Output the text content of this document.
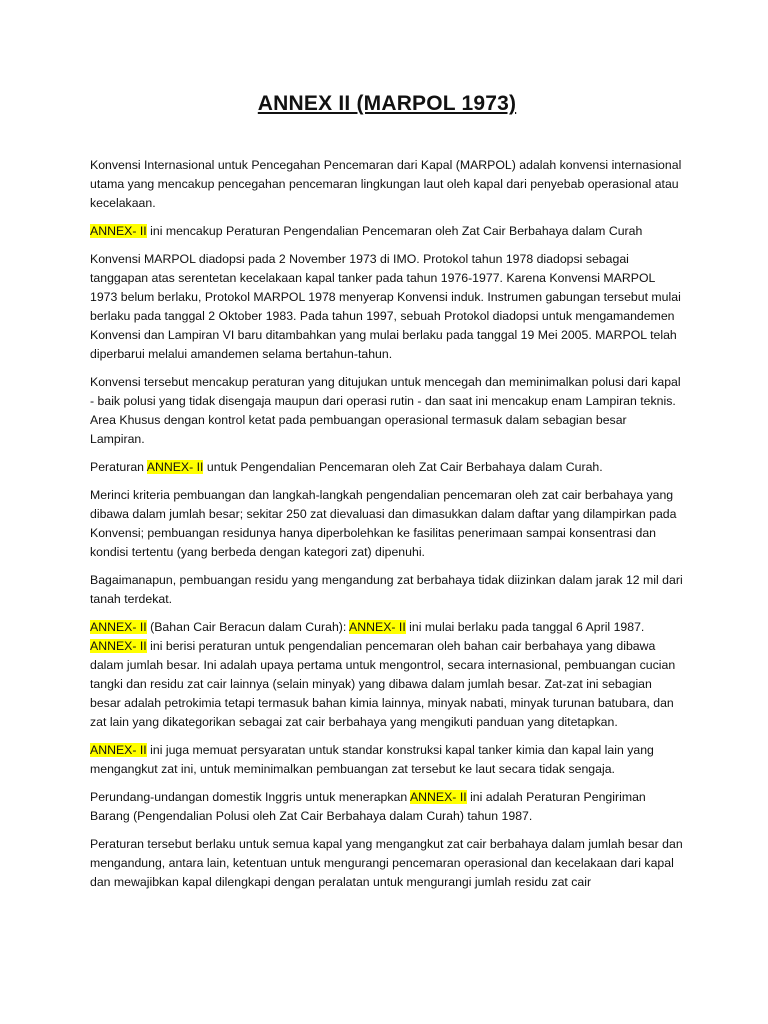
ANNEX II (MARPOL 1973)

Konvensi Internasional untuk Pencegahan Pencemaran dari Kapal (MARPOL) adalah konvensi internasional utama yang mencakup pencegahan pencemaran lingkungan laut oleh kapal dari penyebab operasional atau kecelakaan.

ANNEX- II ini mencakup Peraturan Pengendalian Pencemaran oleh Zat Cair Berbahaya dalam Curah

Konvensi MARPOL diadopsi pada 2 November 1973 di IMO. Protokol tahun 1978 diadopsi sebagai tanggapan atas serentetan kecelakaan kapal tanker pada tahun 1976-1977. Karena Konvensi MARPOL 1973 belum berlaku, Protokol MARPOL 1978 menyerap Konvensi induk. Instrumen gabungan tersebut mulai berlaku pada tanggal 2 Oktober 1983. Pada tahun 1997, sebuah Protokol diadopsi untuk mengamandemen Konvensi dan Lampiran VI baru ditambahkan yang mulai berlaku pada tanggal 19 Mei 2005. MARPOL telah diperbarui melalui amandemen selama bertahun-tahun.

Konvensi tersebut mencakup peraturan yang ditujukan untuk mencegah dan meminimalkan polusi dari kapal - baik polusi yang tidak disengaja maupun dari operasi rutin - dan saat ini mencakup enam Lampiran teknis. Area Khusus dengan kontrol ketat pada pembuangan operasional termasuk dalam sebagian besar Lampiran.

Peraturan ANNEX- II untuk Pengendalian Pencemaran oleh Zat Cair Berbahaya dalam Curah.

Merinci kriteria pembuangan dan langkah-langkah pengendalian pencemaran oleh zat cair berbahaya yang dibawa dalam jumlah besar; sekitar 250 zat dievaluasi dan dimasukkan dalam daftar yang dilampirkan pada Konvensi; pembuangan residunya hanya diperbolehkan ke fasilitas penerimaan sampai konsentrasi dan kondisi tertentu (yang berbeda dengan kategori zat) dipenuhi.

Bagaimanapun, pembuangan residu yang mengandung zat berbahaya tidak diizinkan dalam jarak 12 mil dari tanah terdekat.

ANNEX- II (Bahan Cair Beracun dalam Curah): ANNEX- II ini mulai berlaku pada tanggal 6 April 1987. ANNEX- II ini berisi peraturan untuk pengendalian pencemaran oleh bahan cair berbahaya yang dibawa dalam jumlah besar. Ini adalah upaya pertama untuk mengontrol, secara internasional, pembuangan cucian tangki dan residu zat cair lainnya (selain minyak) yang dibawa dalam jumlah besar. Zat-zat ini sebagian besar adalah petrokimia tetapi termasuk bahan kimia lainnya, minyak nabati, minyak turunan batubara, dan zat lain yang dikategorikan sebagai zat cair berbahaya yang mengikuti panduan yang ditetapkan.

ANNEX- II ini juga memuat persyaratan untuk standar konstruksi kapal tanker kimia dan kapal lain yang mengangkut zat ini, untuk meminimalkan pembuangan zat tersebut ke laut secara tidak sengaja.

Perundang-undangan domestik Inggris untuk menerapkan ANNEX- II ini adalah Peraturan Pengiriman Barang (Pengendalian Polusi oleh Zat Cair Berbahaya dalam Curah) tahun 1987.

Peraturan tersebut berlaku untuk semua kapal yang mengangkut zat cair berbahaya dalam jumlah besar dan mengandung, antara lain, ketentuan untuk mengurangi pencemaran operasional dan kecelakaan dari kapal dan mewajibkan kapal dilengkapi dengan peralatan untuk mengurangi jumlah residu zat cair
